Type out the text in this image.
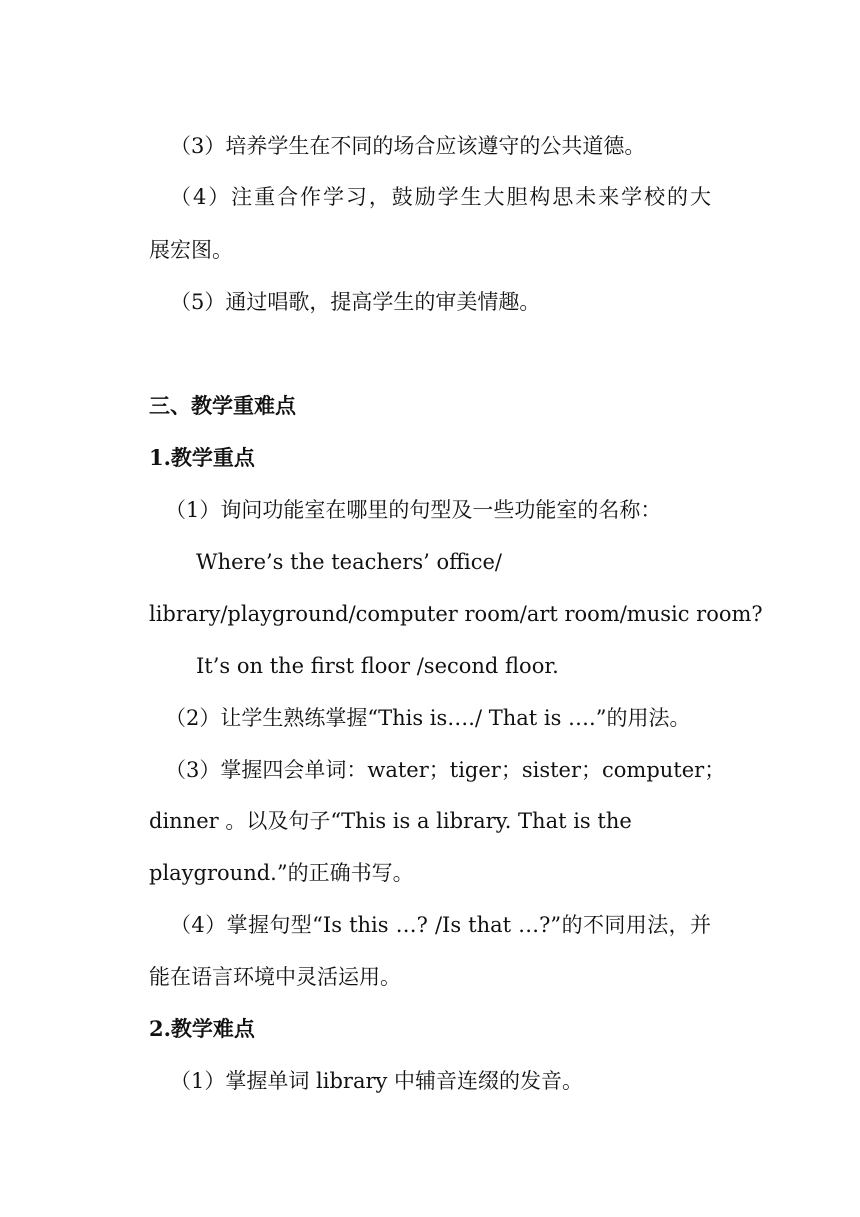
（3）培养学生在不同的场合应该遵守的公共道德。
（4）注重合作学习，鼓励学生大胆构思未来学校的大
展宏图。
（5）通过唱歌，提高学生的审美情趣。
三、教学重难点
1.教学重点
（1）询问功能室在哪里的句型及一些功能室的名称：
Where’s the teachers’ office/
library/playground/computer room/art room/music room?
It’s on the first floor /second floor.
（2）让学生熟练掌握“This is…./ That is ….”的用法。
（3）掌握四会单词：water；tiger；sister；computer；
dinner 。以及句子“This is a library. That is the
playground.”的正确书写。
（4）掌握句型“Is this …? /Is that …?”的不同用法，并
能在语言环境中灵活运用。
2.教学难点
（1）掌握单词 library 中辅音连缀的发音。
